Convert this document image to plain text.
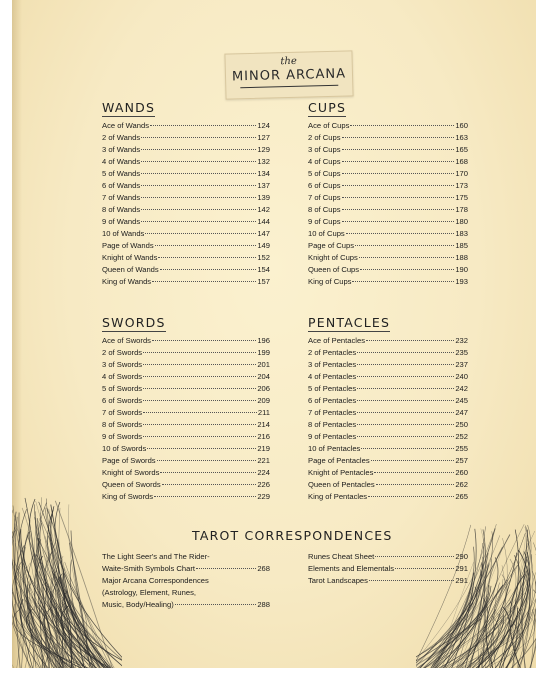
the
MINOR ARCANA
WANDS
Ace of Wands	124
2 of Wands	127
3 of Wands	129
4 of Wands	132
5 of Wands	134
6 of Wands	137
7 of Wands	139
8 of Wands	142
9 of Wands	144
10 of Wands	147
Page of Wands	149
Knight of Wands	152
Queen of Wands	154
King of Wands	157
CUPS
Ace of Cups	160
2 of Cups	163
3 of Cups	165
4 of Cups	168
5 of Cups	170
6 of Cups	173
7 of Cups	175
8 of Cups	178
9 of Cups	180
10 of Cups	183
Page of Cups	185
Knight of Cups	188
Queen of Cups	190
King of Cups	193
SWORDS
Ace of Swords	196
2 of Swords	199
3 of Swords	201
4 of Swords	204
5 of Swords	206
6 of Swords	209
7 of Swords	211
8 of Swords	214
9 of Swords	216
10 of Swords	219
Page of Swords	221
Knight of Swords	224
Queen of Swords	226
King of Swords	229
PENTACLES
Ace of Pentacles	232
2 of Pentacles	235
3 of Pentacles	237
4 of Pentacles	240
5 of Pentacles	242
6 of Pentacles	245
7 of Pentacles	247
8 of Pentacles	250
9 of Pentacles	252
10 of Pentacles	255
Page of Pentacles	257
Knight of Pentacles	260
Queen of Pentacles	262
King of Pentacles	265
TAROT CORRESPONDENCES
The Light Seer's and The Rider-
Waite-Smith Symbols Chart	268
Major Arcana Correspondences
(Astrology, Element, Runes,
Music, Body/Healing)	288
Runes Cheat Sheet	290
Elements and Elementals	291
Tarot Landscapes	291
